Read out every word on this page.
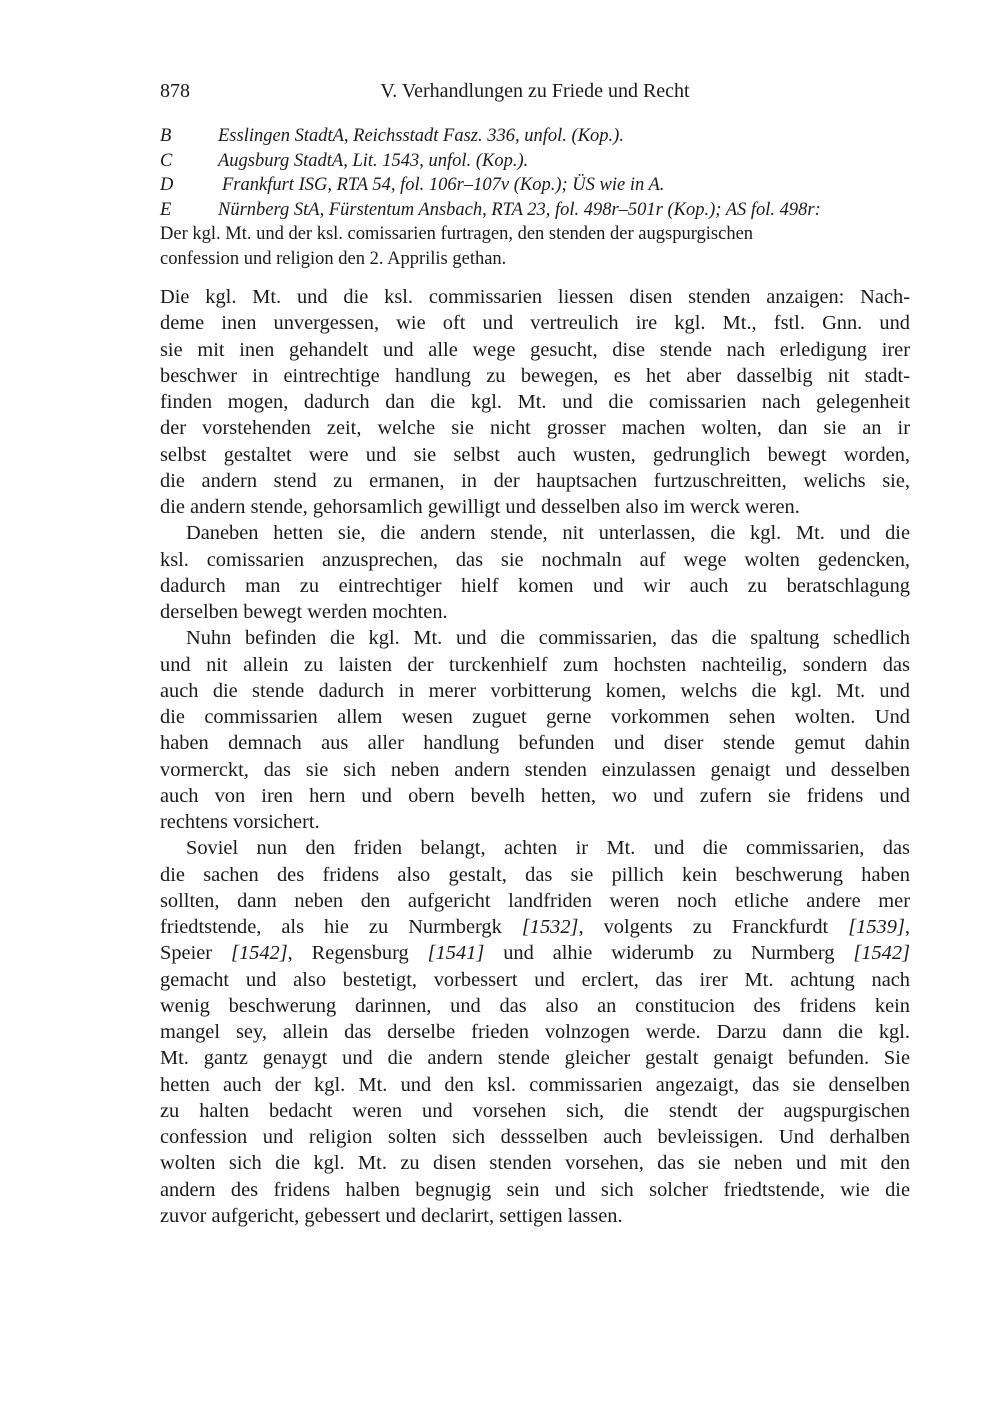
878	V. Verhandlungen zu Friede und Recht
B	Esslingen StadtA, Reichsstadt Fasz. 336, unfol. (Kop.).
C	Augsburg StadtA, Lit. 1543, unfol. (Kop.).
D	Frankfurt ISG, RTA 54, fol. 106r–107v (Kop.); ÜS wie in A.
E	Nürnberg StA, Fürstentum Ansbach, RTA 23, fol. 498r–501r (Kop.); AS fol. 498r:
Der kgl. Mt. und der ksl. comissarien furtragen, den stenden der augspurgischen
confession und religion den 2. Apprilis gethan.
Die kgl. Mt. und die ksl. commissarien liessen disen stenden anzaigen: Nach-
deme inen unvergessen, wie oft und vertreulich ire kgl. Mt., fstl. Gnn. und
sie mit inen gehandelt und alle wege gesucht, dise stende nach erledigung irer
beschwer in eintrechtige handlung zu bewegen, es het aber dasselbig nit stadt-
finden mogen, dadurch dan die kgl. Mt. und die comissarien nach gelegenheit
der vorstehenden zeit, welche sie nicht grosser machen wolten, dan sie an ir
selbst gestaltet were und sie selbst auch wusten, gedrunglich bewegt worden,
die andern stend zu ermanen, in der hauptsachen furtzuschreitten, welichs sie,
die andern stende, gehorsamlich gewilligt und desselben also im werck weren.
Daneben hetten sie, die andern stende, nit unterlassen, die kgl. Mt. und die
ksl. comissarien anzusprechen, das sie nochmaln auf wege wolten gedencken,
dadurch man zu eintrechtiger hielf komen und wir auch zu beratschlagung
derselben bewegt werden mochten.
Nuhn befinden die kgl. Mt. und die commissarien, das die spaltung schedlich
und nit allein zu laisten der turckenhielf zum hochsten nachteilig, sondern das
auch die stende dadurch in merer vorbitterung komen, welchs die kgl. Mt. und
die commissarien allem wesen zuguet gerne vorkommen sehen wolten. Und
haben demnach aus aller handlung befunden und diser stende gemut dahin
vormerckt, das sie sich neben andern stenden einzulassen genaigt und desselben
auch von iren hern und obern bevelh hetten, wo und zufern sie fridens und
rechtens vorsichert.
Soviel nun den friden belangt, achten ir Mt. und die commissarien, das
die sachen des fridens also gestalt, das sie pillich kein beschwerung haben
sollten, dann neben den aufgericht landfriden weren noch etliche andere mer
friedtstende, als hie zu Nurmbergk [1532], volgents zu Franckfurdt [1539],
Speier [1542], Regensburg [1541] und alhie widerumb zu Nurmberg [1542]
gemacht und also bestetigt, vorbessert und erclert, das irer Mt. achtung nach
wenig beschwerung darinnen, und das also an constitucion des fridens kein
mangel sey, allein das derselbe frieden volnzogen werde. Darzu dann die kgl.
Mt. gantz genaygt und die andern stende gleicher gestalt genaigt befunden. Sie
hetten auch der kgl. Mt. und den ksl. commissarien angezaigt, das sie denselben
zu halten bedacht weren und vorsehen sich, die stendt der augspurgischen
confession und religion solten sich dessselben auch bevleissigen. Und derhalben
wolten sich die kgl. Mt. zu disen stenden vorsehen, das sie neben und mit den
andern des fridens halben begnugig sein und sich solcher friedtstende, wie die
zuvor aufgericht, gebessert und declarirt, settigen lassen.
